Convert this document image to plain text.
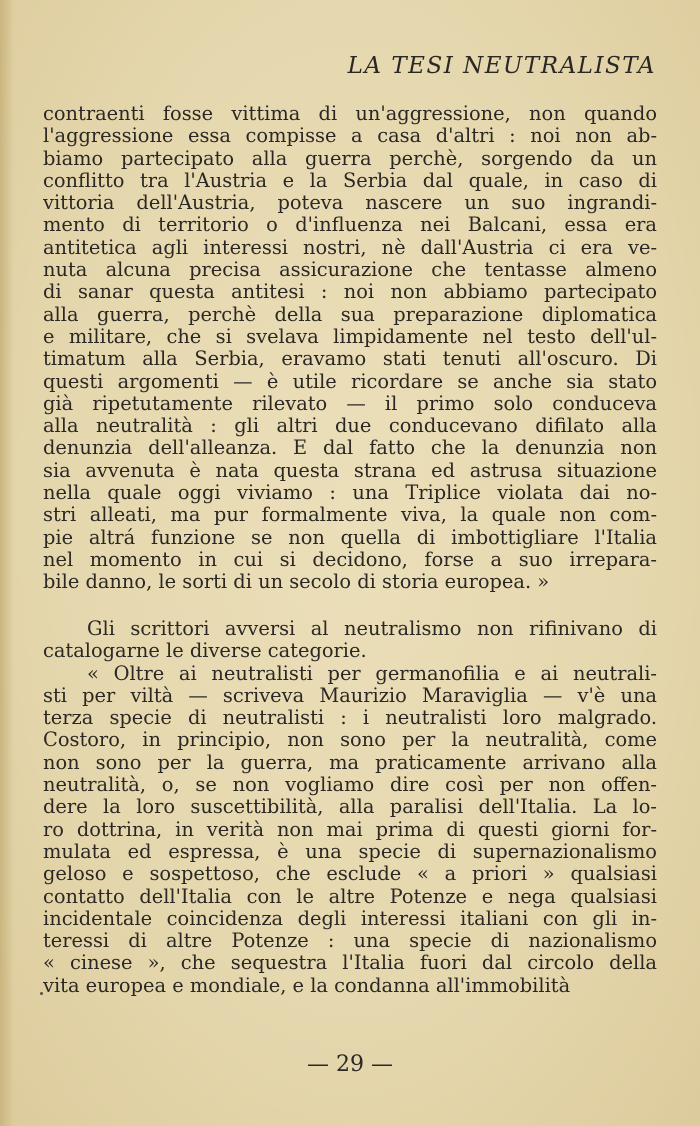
LA TESI NEUTRALISTA
contraenti fosse vittima di un'aggressione, non quando
l'aggressione essa compisse a casa d'altri : noi non ab-
biamo partecipato alla guerra perchè, sorgendo da un
conflitto tra l'Austria e la Serbia dal quale, in caso di
vittoria dell'Austria, poteva nascere un suo ingrandi-
mento di territorio o d'influenza nei Balcani, essa era
antitetica agli interessi nostri, nè dall'Austria ci era ve-
nuta alcuna precisa assicurazione che tentasse almeno
di sanar questa antitesi : noi non abbiamo partecipato
alla guerra, perchè della sua preparazione diplomatica
e militare, che si svelava limpidamente nel testo dell'ul-
timatum alla Serbia, eravamo stati tenuti all'oscuro. Di
questi argomenti — è utile ricordare se anche sia stato
già ripetutamente rilevato — il primo solo conduceva
alla neutralità : gli altri due conducevano difilato alla
denunzia dell'alleanza. E dal fatto che la denunzia non
sia avvenuta è nata questa strana ed astrusa situazione
nella quale oggi viviamo : una Triplice violata dai no-
stri alleati, ma pur formalmente viva, la quale non com-
pie altrá funzione se non quella di imbottigliare l'Italia
nel momento in cui si decidono, forse a suo irrepara-
bile danno, le sorti di un secolo di storia europea. »
Gli scrittori avversi al neutralismo non rifinivano di
catalogarne le diverse categorie.
« Oltre ai neutralisti per germanofilia e ai neutrali-
sti per viltà — scriveva Maurizio Maraviglia — v'è una
terza specie di neutralisti : i neutralisti loro malgrado.
Costoro, in principio, non sono per la neutralità, come
non sono per la guerra, ma praticamente arrivano alla
neutralità, o, se non vogliamo dire così per non offen-
dere la loro suscettibilità, alla paralisi dell'Italia. La lo-
ro dottrina, in verità non mai prima di questi giorni for-
mulata ed espressa, è una specie di supernazionalismo
geloso e sospettoso, che esclude « a priori » qualsiasi
contatto dell'Italia con le altre Potenze e nega qualsiasi
incidentale coincidenza degli interessi italiani con gli in-
teressi di altre Potenze : una specie di nazionalismo
« cinese », che sequestra l'Italia fuori dal circolo della
vita europea e mondiale, e la condanna all'immobilità
— 29 —
